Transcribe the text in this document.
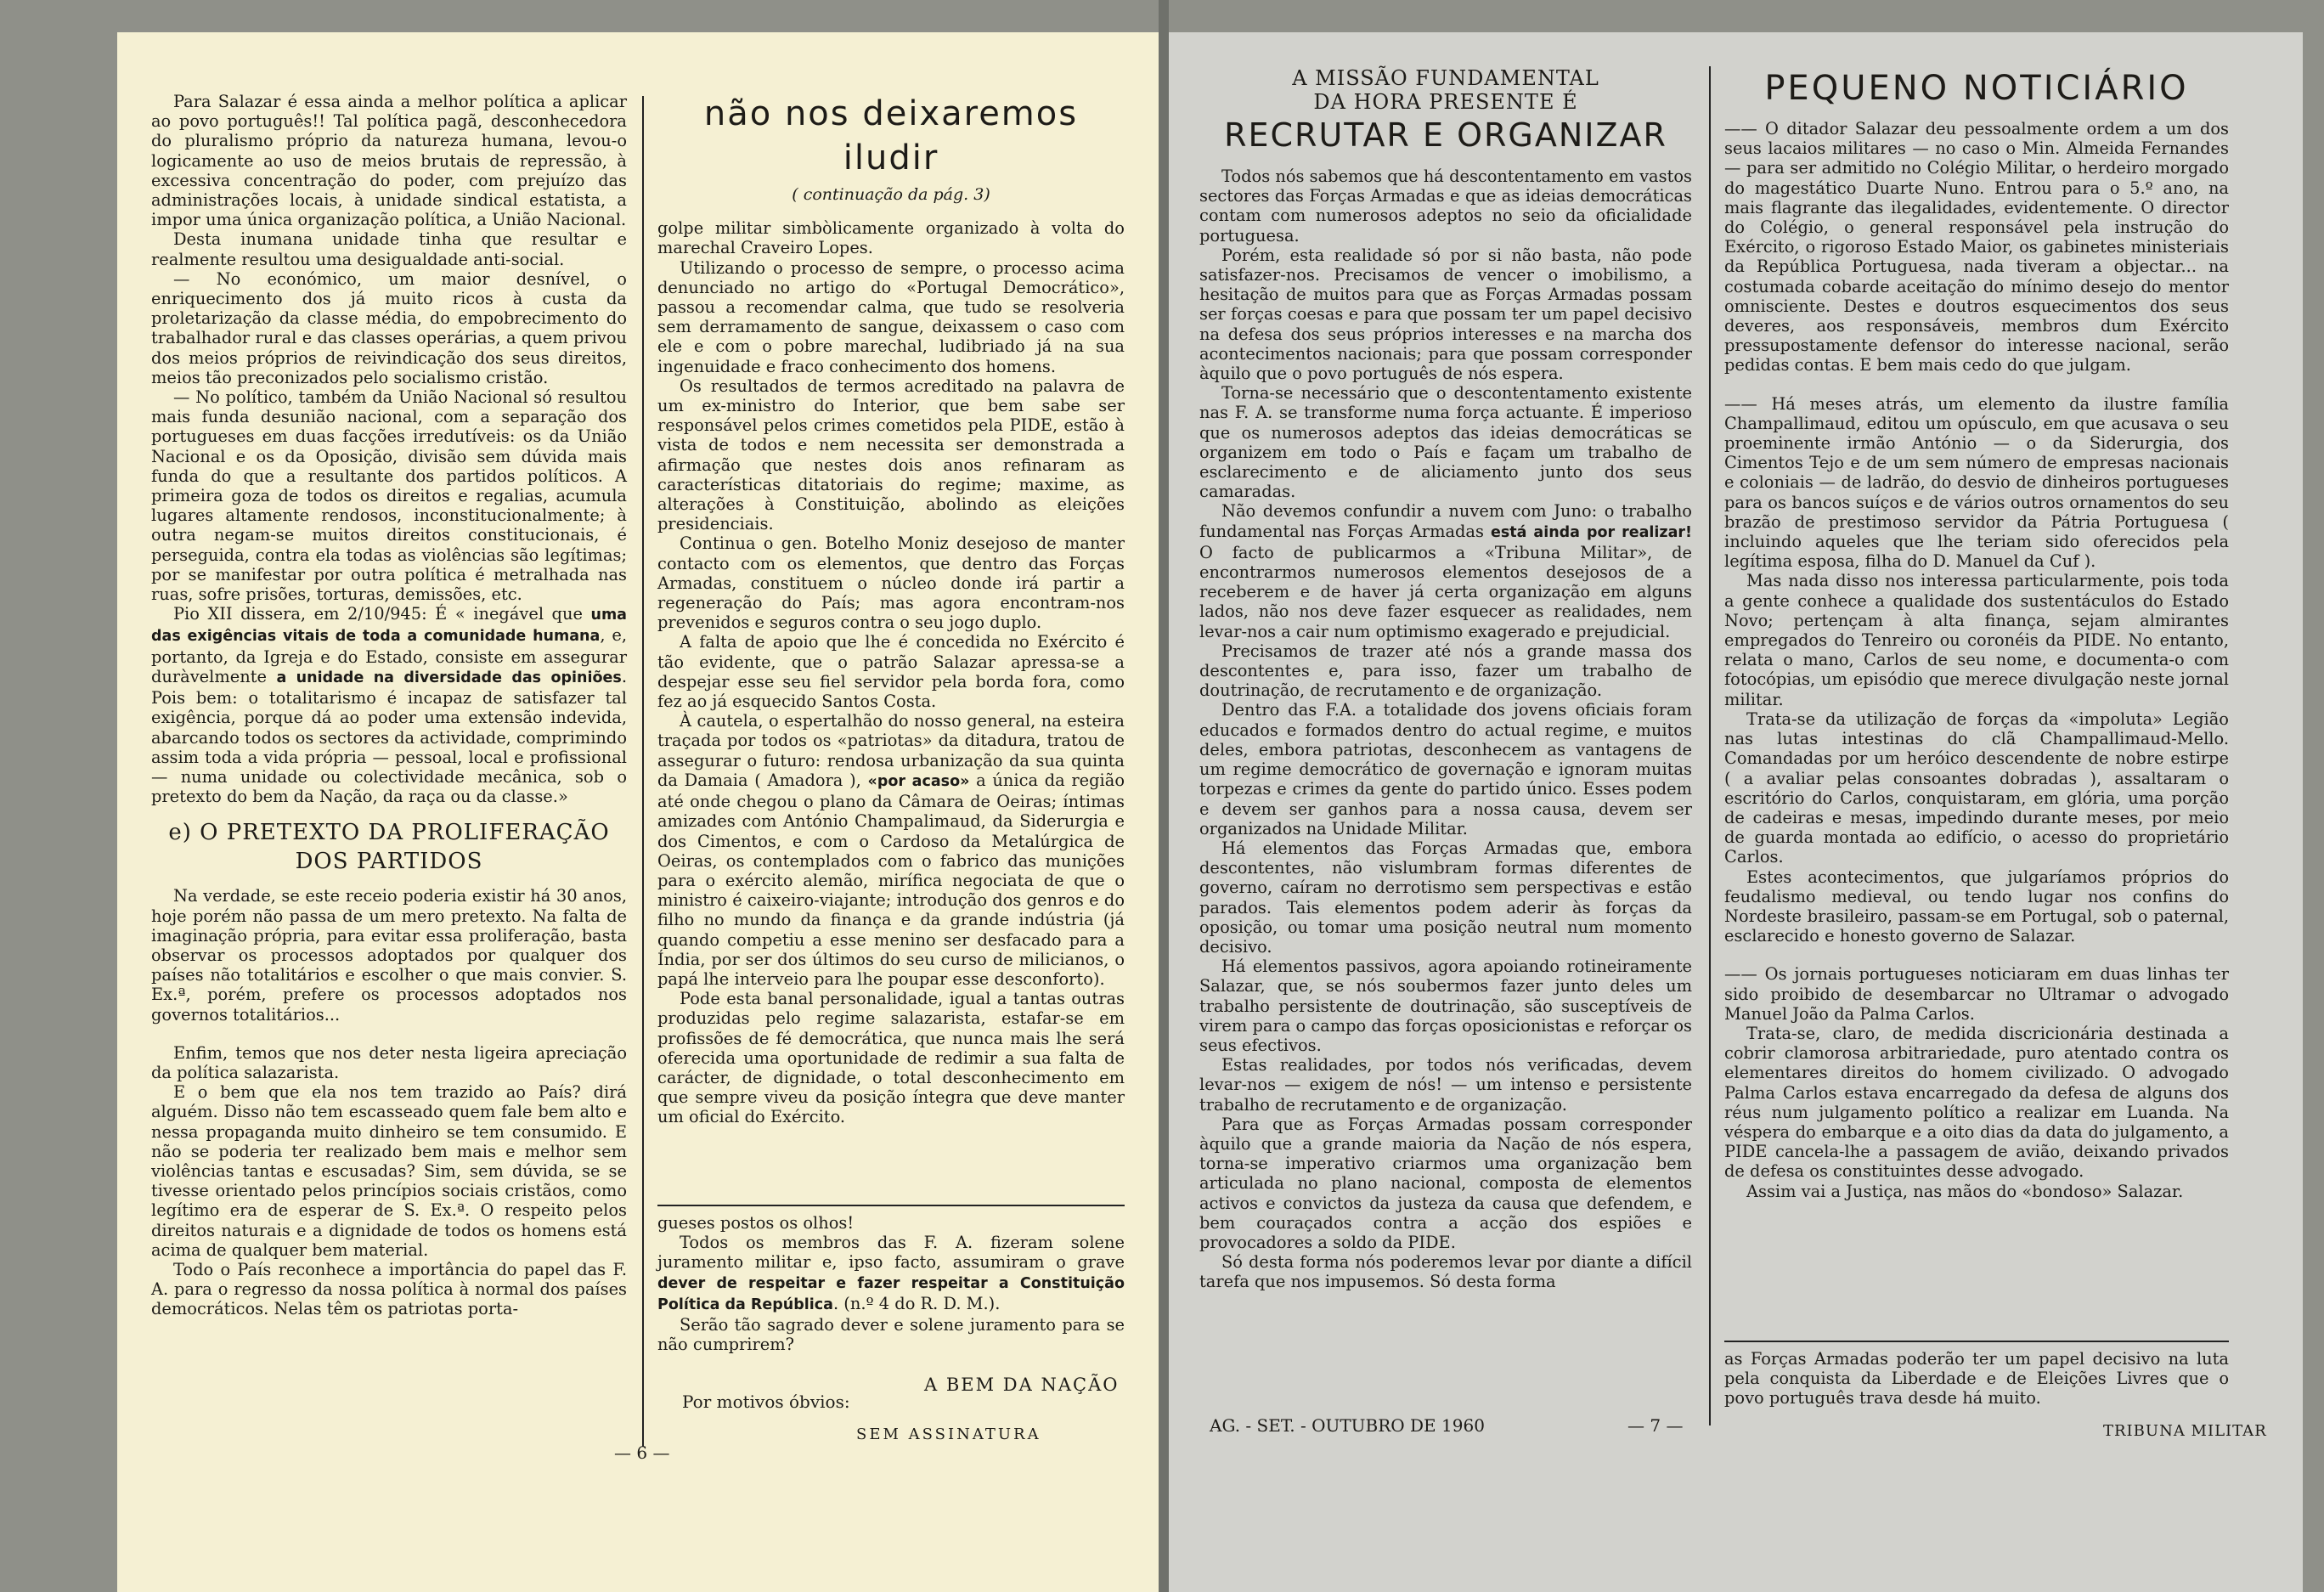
Para Salazar é essa ainda a melhor política a aplicar ao povo português!! Tal política pagã, desconhecedora do pluralismo próprio da natureza humana, levou-o logicamente ao uso de meios brutais de repressão, à excessiva concentração do poder, com prejuízo das administrações locais, à unidade sindical estatista, a impor uma única organização política, a União Nacional.

Desta inumana unidade tinha que resultar e realmente resultou uma desigualdade anti-social.

— No económico, um maior desnível, o enriquecimento dos já muito ricos à custa da proletarização da classe média, do empobrecimento do trabalhador rural e das classes operárias, a quem privou dos meios próprios de reivindicação dos seus direitos, meios tão preconizados pelo socialismo cristão.

— No político, também da União Nacional só resultou mais funda desunião nacional, com a separação dos portugueses em duas facções irredutíveis: os da União Nacional e os da Oposição, divisão sem dúvida mais funda do que a resultante dos partidos políticos. A primeira goza de todos os direitos e regalias, acumula lugares altamente rendosos, inconstitucionalmente; à outra negam-se muitos direitos constitucionais, é perseguida, contra ela todas as violências são legítimas; por se manifestar por outra política é metralhada nas ruas, sofre prisões, torturas, demissões, etc.

Pio XII dissera, em 2/10/945: É « inegável que uma das exigências vitais de toda a comunidade humana, e, portanto, da Igreja e do Estado, consiste em assegurar duràvelmente a unidade na diversidade das opiniões. Pois bem: o totalitarismo é incapaz de satisfazer tal exigência, porque dá ao poder uma extensão indevida, abarcando todos os sectores da actividade, comprimindo assim toda a vida própria — pessoal, local e profissional — numa unidade ou colectividade mecânica, sob o pretexto do bem da Nação, da raça ou da classe.»

e) O PRETEXTO DA PROLIFERAÇÃO DOS PARTIDOS

Na verdade, se este receio poderia existir há 30 anos, hoje porém não passa de um mero pretexto. Na falta de imaginação própria, para evitar essa proliferação, basta observar os processos adoptados por qualquer dos países não totalitários e escolher o que mais convier. S. Ex.ª, porém, prefere os processos adoptados nos governos totalitários...

Enfim, temos que nos deter nesta ligeira apreciação da política salazarista.

E o bem que ela nos tem trazido ao País? dirá alguém. Disso não tem escasseado quem fale bem alto e nessa propaganda muito dinheiro se tem consumido. E não se poderia ter realizado bem mais e melhor sem violências tantas e escusadas? Sim, sem dúvida, se se tivesse orientado pelos princípios sociais cristãos, como legítimo era de esperar de S. Ex.ª. O respeito pelos direitos naturais e a dignidade de todos os homens está acima de qualquer bem material.

Todo o País reconhece a importância do papel das F. A. para o regresso da nossa política à normal dos países democráticos. Nelas têm os patriotas porta-

não nos deixaremos iludir
( continuação da pág. 3)

golpe militar simbòlicamente organizado à volta do marechal Craveiro Lopes.

Utilizando o processo de sempre, o processo acima denunciado no artigo do «Portugal Democrático», passou a recomendar calma, que tudo se resolveria sem derramamento de sangue, deixassem o caso com ele e com o pobre marechal, ludibriado já na sua ingenuidade e fraco conhecimento dos homens.

Os resultados de termos acreditado na palavra de um ex-ministro do Interior, que bem sabe ser responsável pelos crimes cometidos pela PIDE, estão à vista de todos e nem necessita ser demonstrada a afirmação que nestes dois anos refinaram as características ditatoriais do regime; maxime, as alterações à Constituição, abolindo as eleições presidenciais.

Continua o gen. Botelho Moniz desejoso de manter contacto com os elementos, que dentro das Forças Armadas, constituem o núcleo donde irá partir a regeneração do País; mas agora encontram-nos prevenidos e seguros contra o seu jogo duplo.

A falta de apoio que lhe é concedida no Exército é tão evidente, que o patrão Salazar apressa-se a despejar esse seu fiel servidor pela borda fora, como fez ao já esquecido Santos Costa.

À cautela, o espertalhão do nosso general, na esteira traçada por todos os «patriotas» da ditadura, tratou de assegurar o futuro: rendosa urbanização da sua quinta da Damaia ( Amadora ), «por acaso» a única da região até onde chegou o plano da Câmara de Oeiras; íntimas amizades com António Champalimaud, da Siderurgia e dos Cimentos, e com o Cardoso da Metalúrgica de Oeiras, os contemplados com o fabrico das munições para o exército alemão, mirífica negociata de que o ministro é caixeiro-viajante; introdução dos genros e do filho no mundo da finança e da grande indústria (já quando competiu a esse menino ser desfacado para a Índia, por ser dos últimos do seu curso de milicianos, o papá lhe interveio para lhe poupar esse desconforto).

Pode esta banal personalidade, igual a tantas outras produzidas pelo regime salazarista, estafar-se em profissões de fé democrática, que nunca mais lhe será oferecida uma oportunidade de redimir a sua falta de carácter, de dignidade, o total desconhecimento em que sempre viveu da posição íntegra que deve manter um oficial do Exército.

gueses postos os olhos!

Todos os membros das F. A. fizeram solene juramento militar e, ipso facto, assumiram o grave dever de respeitar e fazer respeitar a Constituição Política da República. (n.º 4 do R. D. M.).

Serão tão sagrado dever e solene juramento para se não cumprirem?

A BEM DA NAÇÃO
Por motivos óbvios:
SEM ASSINATURA
— 6 —
A MISSÃO FUNDAMENTAL
DA HORA PRESENTE É
RECRUTAR E ORGANIZAR

Todos nós sabemos que há descontentamento em vastos sectores das Forças Armadas e que as ideias democráticas contam com numerosos adeptos no seio da oficialidade portuguesa.

Porém, esta realidade só por si não basta, não pode satisfazer-nos. Precisamos de vencer o imobilismo, a hesitação de muitos para que as Forças Armadas possam ser forças coesas e para que possam ter um papel decisivo na defesa dos seus próprios interesses e na marcha dos acontecimentos nacionais; para que possam corresponder àquilo que o povo português de nós espera.

Torna-se necessário que o descontentamento existente nas F. A. se transforme numa força actuante. É imperioso que os numerosos adeptos das ideias democráticas se organizem em todo o País e façam um trabalho de esclarecimento e de aliciamento junto dos seus camaradas.

Não devemos confundir a nuvem com Juno: o trabalho fundamental nas Forças Armadas está ainda por realizar! O facto de publicarmos a «Tribuna Militar», de encontrarmos numerosos elementos desejosos de a receberem e de haver já certa organização em alguns lados, não nos deve fazer esquecer as realidades, nem levar-nos a cair num optimismo exagerado e prejudicial.

Precisamos de trazer até nós a grande massa dos descontentes e, para isso, fazer um trabalho de doutrinação, de recrutamento e de organização.

Dentro das F.A. a totalidade dos jovens oficiais foram educados e formados dentro do actual regime, e muitos deles, embora patriotas, desconhecem as vantagens de um regime democrático de governação e ignoram muitas torpezas e crimes da gente do partido único. Esses podem e devem ser ganhos para a nossa causa, devem ser organizados na Unidade Militar.

Há elementos das Forças Armadas que, embora descontentes, não vislumbram formas diferentes de governo, caíram no derrotismo sem perspectivas e estão parados. Tais elementos podem aderir às forças da oposição, ou tomar uma posição neutral num momento decisivo.

Há elementos passivos, agora apoiando rotineiramente Salazar, que, se nós soubermos fazer junto deles um trabalho persistente de doutrinação, são susceptíveis de virem para o campo das forças oposicionistas e reforçar os seus efectivos.

Estas realidades, por todos nós verificadas, devem levar-nos — exigem de nós! — um intenso e persistente trabalho de recrutamento e de organização.

Para que as Forças Armadas possam corresponder àquilo que a grande maioria da Nação de nós espera, torna-se imperativo criarmos uma organização bem articulada no plano nacional, composta de elementos activos e convictos da justeza da causa que defendem, e bem couraçados contra a acção dos espiões e provocadores a soldo da PIDE.

Só desta forma nós poderemos levar por diante a difícil tarefa que nos impusemos. Só desta forma

PEQUENO NOTICIÁRIO

—— O ditador Salazar deu pessoalmente ordem a um dos seus lacaios militares — no caso o Min. Almeida Fernandes — para ser admitido no Colégio Militar, o herdeiro morgado do magestático Duarte Nuno. Entrou para o 5.º ano, na mais flagrante das ilegalidades, evidentemente. O director do Colégio, o general responsável pela instrução do Exército, o rigoroso Estado Maior, os gabinetes ministeriais da República Portuguesa, nada tiveram a objectar... na costumada cobarde aceitação do mínimo desejo do mentor omnisciente. Destes e doutros esquecimentos dos seus deveres, aos responsáveis, membros dum Exército pressupostamente defensor do interesse nacional, serão pedidas contas. E bem mais cedo do que julgam.

—— Há meses atrás, um elemento da ilustre família Champallimaud, editou um opúsculo, em que acusava o seu proeminente irmão António — o da Siderurgia, dos Cimentos Tejo e de um sem número de empresas nacionais e coloniais — de ladrão, do desvio de dinheiros portugueses para os bancos suíços e de vários outros ornamentos do seu brazão de prestimoso servidor da Pátria Portuguesa ( incluindo aqueles que lhe teriam sido oferecidos pela legítima esposa, filha do D. Manuel da Cuf ).

Mas nada disso nos interessa particularmente, pois toda a gente conhece a qualidade dos sustentáculos do Estado Novo; pertençam à alta finança, sejam almirantes empregados do Tenreiro ou coronéis da PIDE. No entanto, relata o mano, Carlos de seu nome, e documenta-o com fotocópias, um episódio que merece divulgação neste jornal militar.

Trata-se da utilização de forças da «impoluta» Legião nas lutas intestinas do clã Champallimaud-Mello. Comandadas por um heróico descendente de nobre estirpe ( a avaliar pelas consoantes dobradas ), assaltaram o escritório do Carlos, conquistaram, em glória, uma porção de cadeiras e mesas, impedindo durante meses, por meio de guarda montada ao edifício, o acesso do proprietário Carlos.

Estes acontecimentos, que julgaríamos próprios do feudalismo medieval, ou tendo lugar nos confins do Nordeste brasileiro, passam-se em Portugal, sob o paternal, esclarecido e honesto governo de Salazar.

—— Os jornais portugueses noticiaram em duas linhas ter sido proibido de desembarcar no Ultramar o advogado Manuel João da Palma Carlos.

Trata-se, claro, de medida discricionária destinada a cobrir clamorosa arbitrariedade, puro atentado contra os elementares direitos do homem civilizado. O advogado Palma Carlos estava encarregado da defesa de alguns dos réus num julgamento político a realizar em Luanda. Na véspera do embarque e a oito dias da data do julgamento, a PIDE cancela-lhe a passagem de avião, deixando privados de defesa os constituintes desse advogado.

Assim vai a Justiça, nas mãos do «bondoso» Salazar.

as Forças Armadas poderão ter um papel decisivo na luta pela conquista da Liberdade e de Eleições Livres que o povo português trava desde há muito.

AG. - SET. - OUTUBRO DE 1960	— 7 —	TRIBUNA MILITAR
